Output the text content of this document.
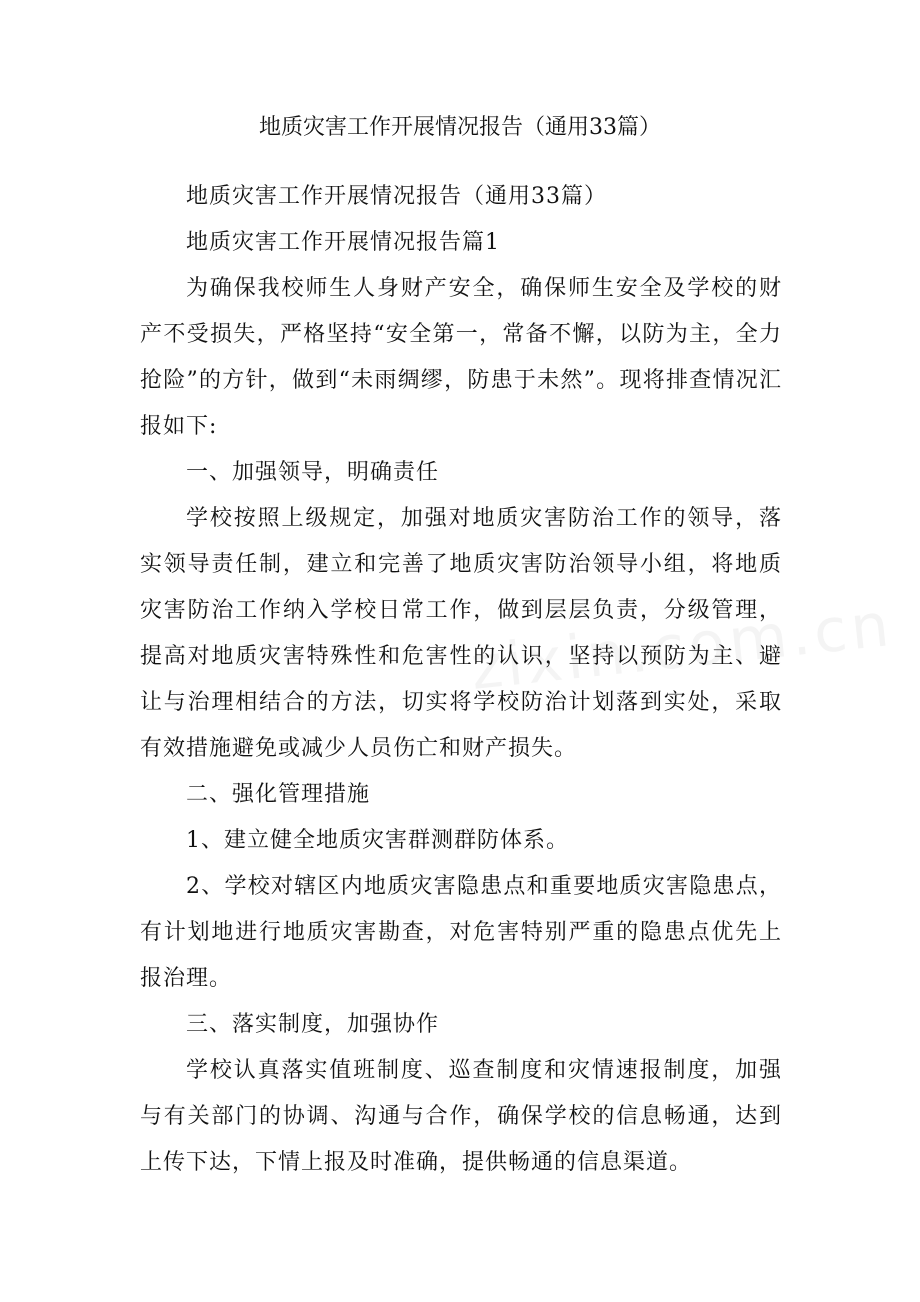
地质灾害工作开展情况报告（通用33篇）

地质灾害工作开展情况报告（通用33篇）

地质灾害工作开展情况报告篇1

为确保我校师生人身财产安全，确保师生安全及学校的财产不受损失，严格坚持“安全第一，常备不懈，以防为主，全力抢险”的方针，做到“未雨绸缪，防患于未然”。现将排查情况汇报如下:

一、加强领导，明确责任

学校按照上级规定，加强对地质灾害防治工作的领导，落实领导责任制，建立和完善了地质灾害防治领导小组，将地质灾害防治工作纳入学校日常工作，做到层层负责，分级管理，提高对地质灾害特殊性和危害性的认识，坚持以预防为主、避让与治理相结合的方法，切实将学校防治计划落到实处，采取有效措施避免或减少人员伤亡和财产损失。

二、强化管理措施

1、建立健全地质灾害群测群防体系。

2、学校对辖区内地质灾害隐患点和重要地质灾害隐患点，有计划地进行地质灾害勘查，对危害特别严重的隐患点优先上报治理。

三、落实制度，加强协作

学校认真落实值班制度、巡查制度和灾情速报制度，加强与有关部门的协调、沟通与合作，确保学校的信息畅通，达到上传下达，下情上报及时准确，提供畅通的信息渠道。
